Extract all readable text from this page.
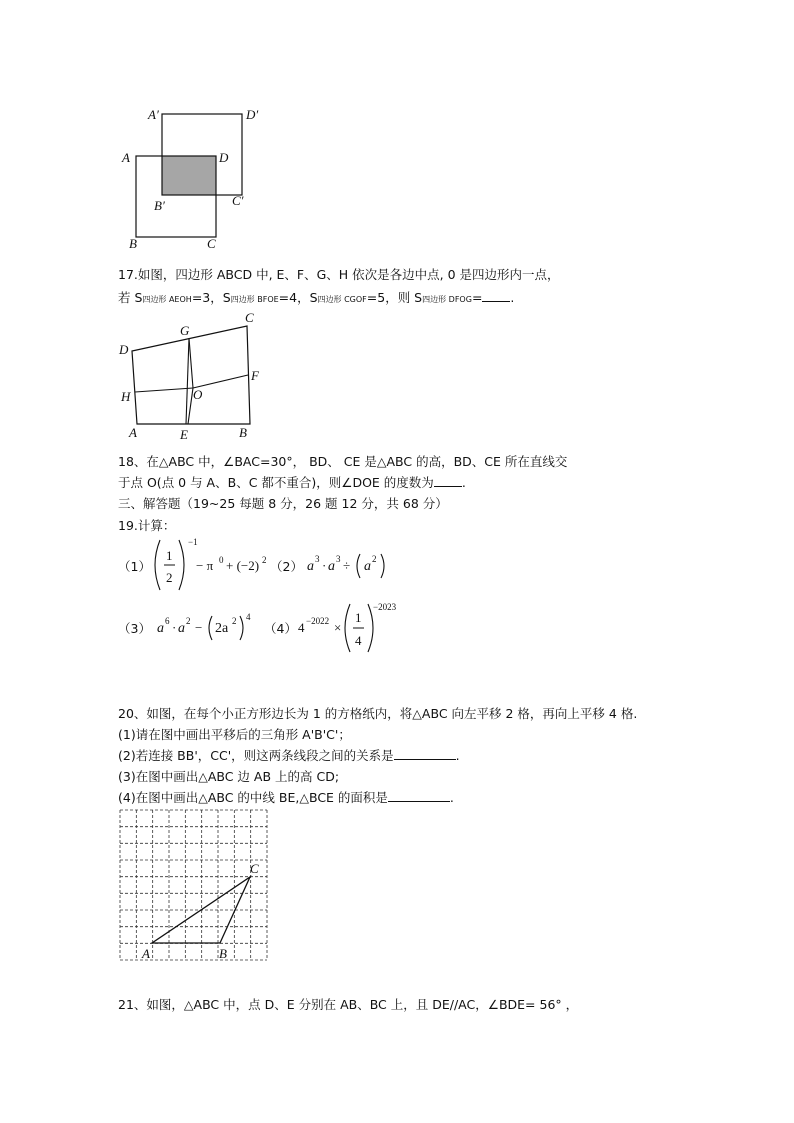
A′	D′
A	D
B′	C′
B	C
17.如图，四边形 ABCD 中, E、F、G、H 依次是各边中点, 0 是四边形内一点，
若 S四边形 AEOH=3，S四边形 BFOE=4，S四边形 CGOF=5，则 S四边形 DFOG= .
C
G
D
F
O
H
A	E	B
18、在△ABC 中，∠BAC=30°， BD、 CE 是△ABC 的高，BD、CE 所在直线交
于点 O(点 0 与 A、B、C 都不重合)，则∠DOE 的度数为 .
三、解答题（19~25 每题 8 分，26 题 12 分，共 68 分）
19.计算：
（1）	（2）
（3）	（4）
1
2
−1
− π 0 + (−2) 2	a 3 · a 3 ÷ a 2
a 6 · a 2 − 2a 2 4
4 −2022 ×
1
4
−2023
20、如图，在每个小正方形边长为 1 的方格纸内，将△ABC 向左平移 2 格，再向上平移 4 格.
(1)请在图中画出平移后的三角形 A'B'C'；
(2)若连接 BB'，CC'，则这两条线段之间的关系是	.
(3)在图中画出△ABC 边 AB 上的高 CD;
(4)在图中画出△ABC 的中线 BE,△BCE 的面积是	.
A	B
C
21、如图，△ABC 中，点 D、E 分别在 AB、BC 上，且 DE//AC，∠BDE= 56° ，
